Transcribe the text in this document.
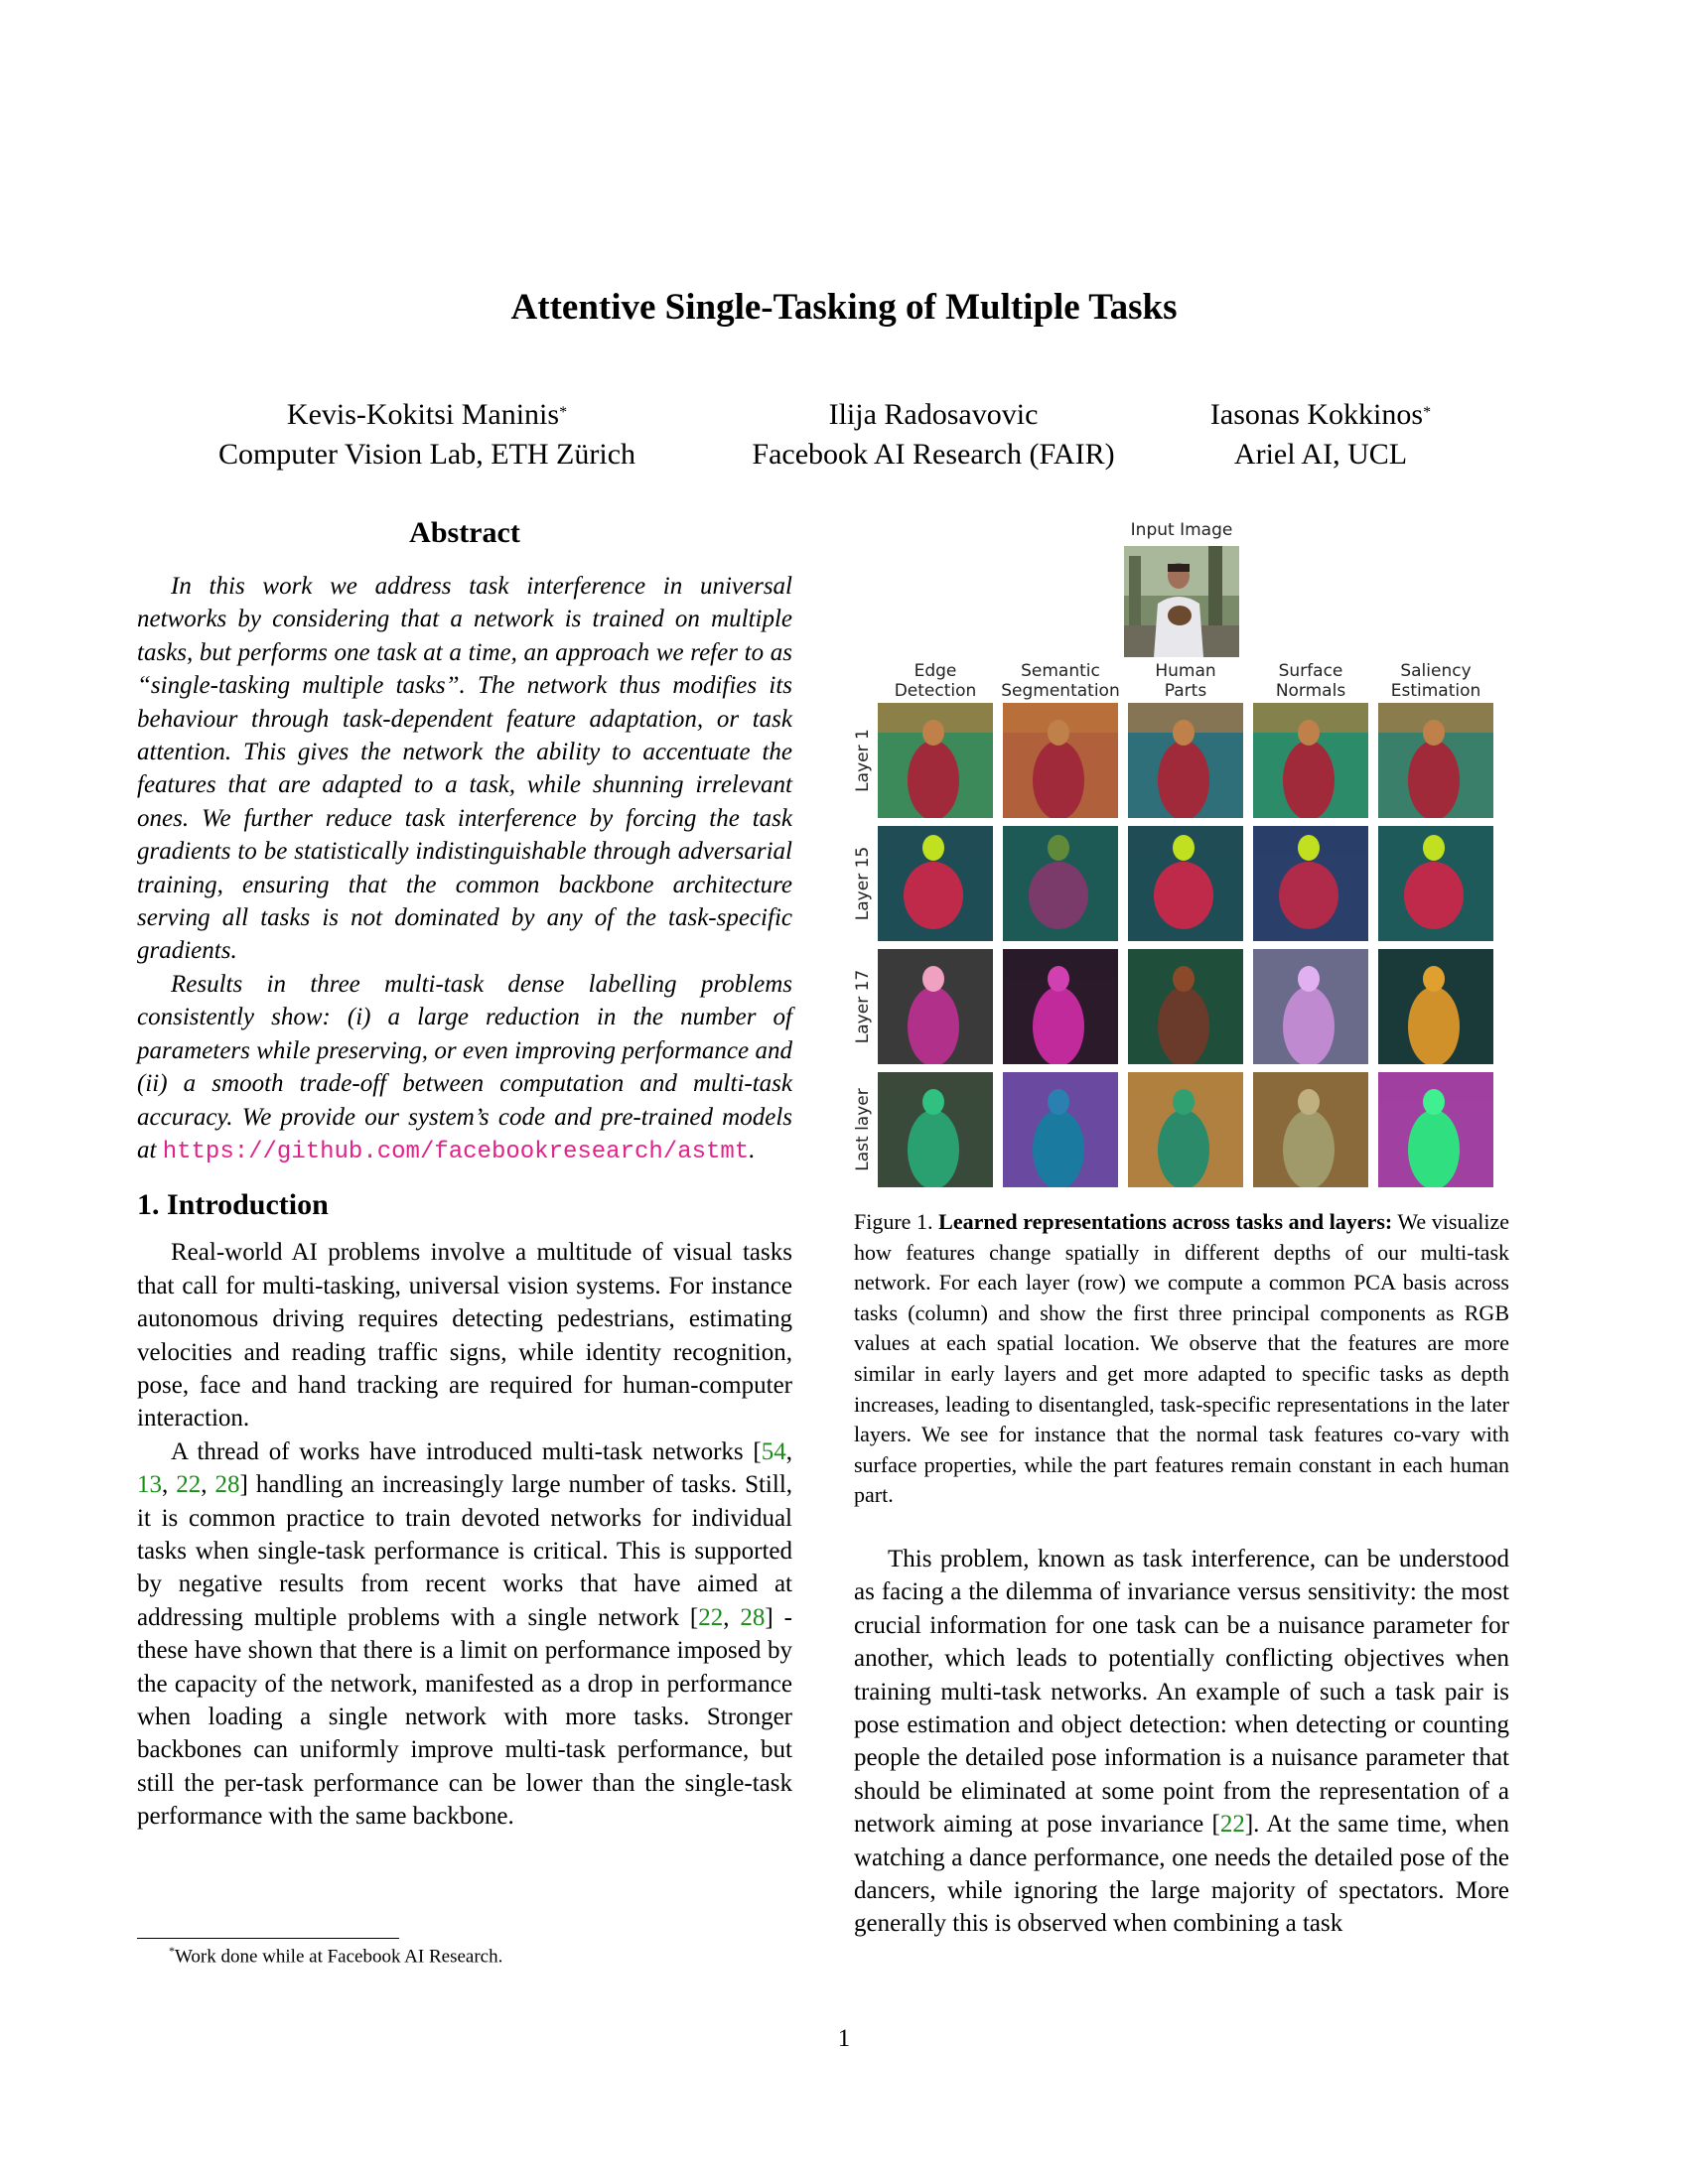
Attentive Single-Tasking of Multiple Tasks
Kevis-Kokitsi Maninis*
Computer Vision Lab, ETH Zürich
Ilija Radosavovic
Facebook AI Research (FAIR)
Iasonas Kokkinos*
Ariel AI, UCL
Abstract

In this work we address task interference in universal networks by considering that a network is trained on multiple tasks, but performs one task at a time, an approach we refer to as “single-tasking multiple tasks”. The network thus modifies its behaviour through task-dependent feature adaptation, or task attention. This gives the network the ability to accentuate the features that are adapted to a task, while shunning irrelevant ones. We further reduce task interference by forcing the task gradients to be statistically indistinguishable through adversarial training, ensuring that the common backbone architecture serving all tasks is not dominated by any of the task-specific gradients.

Results in three multi-task dense labelling problems consistently show: (i) a large reduction in the number of parameters while preserving, or even improving performance and (ii) a smooth trade-off between computation and multi-task accuracy. We provide our system’s code and pre-trained models at https://github.com/facebookresearch/astmt.

1. Introduction

Real-world AI problems involve a multitude of visual tasks that call for multi-tasking, universal vision systems. For instance autonomous driving requires detecting pedestrians, estimating velocities and reading traffic signs, while identity recognition, pose, face and hand tracking are required for human-computer interaction.

A thread of works have introduced multi-task networks [54, 13, 22, 28] handling an increasingly large number of tasks. Still, it is common practice to train devoted networks for individual tasks when single-task performance is critical. This is supported by negative results from recent works that have aimed at addressing multiple problems with a single network [22, 28] - these have shown that there is a limit on performance imposed by the capacity of the network, manifested as a drop in performance when loading a single network with more tasks. Stronger backbones can uniformly improve multi-task performance, but still the per-task performance can be lower than the single-task performance with the same backbone.

*Work done while at Facebook AI Research.
Input Image
Edge
Detection
Semantic
Segmentation
Human
Parts
Surface
Normals
Saliency
Estimation
Layer 1
Layer 15
Layer 17
Last layer
Figure 1. Learned representations across tasks and layers: We visualize how features change spatially in different depths of our multi-task network. For each layer (row) we compute a common PCA basis across tasks (column) and show the first three principal components as RGB values at each spatial location. We observe that the features are more similar in early layers and get more adapted to specific tasks as depth increases, leading to disentangled, task-specific representations in the later layers. We see for instance that the normal task features co-vary with surface properties, while the part features remain constant in each human part.

This problem, known as task interference, can be understood as facing a the dilemma of invariance versus sensitivity: the most crucial information for one task can be a nuisance parameter for another, which leads to potentially conflicting objectives when training multi-task networks. An example of such a task pair is pose estimation and object detection: when detecting or counting people the detailed pose information is a nuisance parameter that should be eliminated at some point from the representation of a network aiming at pose invariance [22]. At the same time, when watching a dance performance, one needs the detailed pose of the dancers, while ignoring the large majority of spectators. More generally this is observed when combining a task

1
